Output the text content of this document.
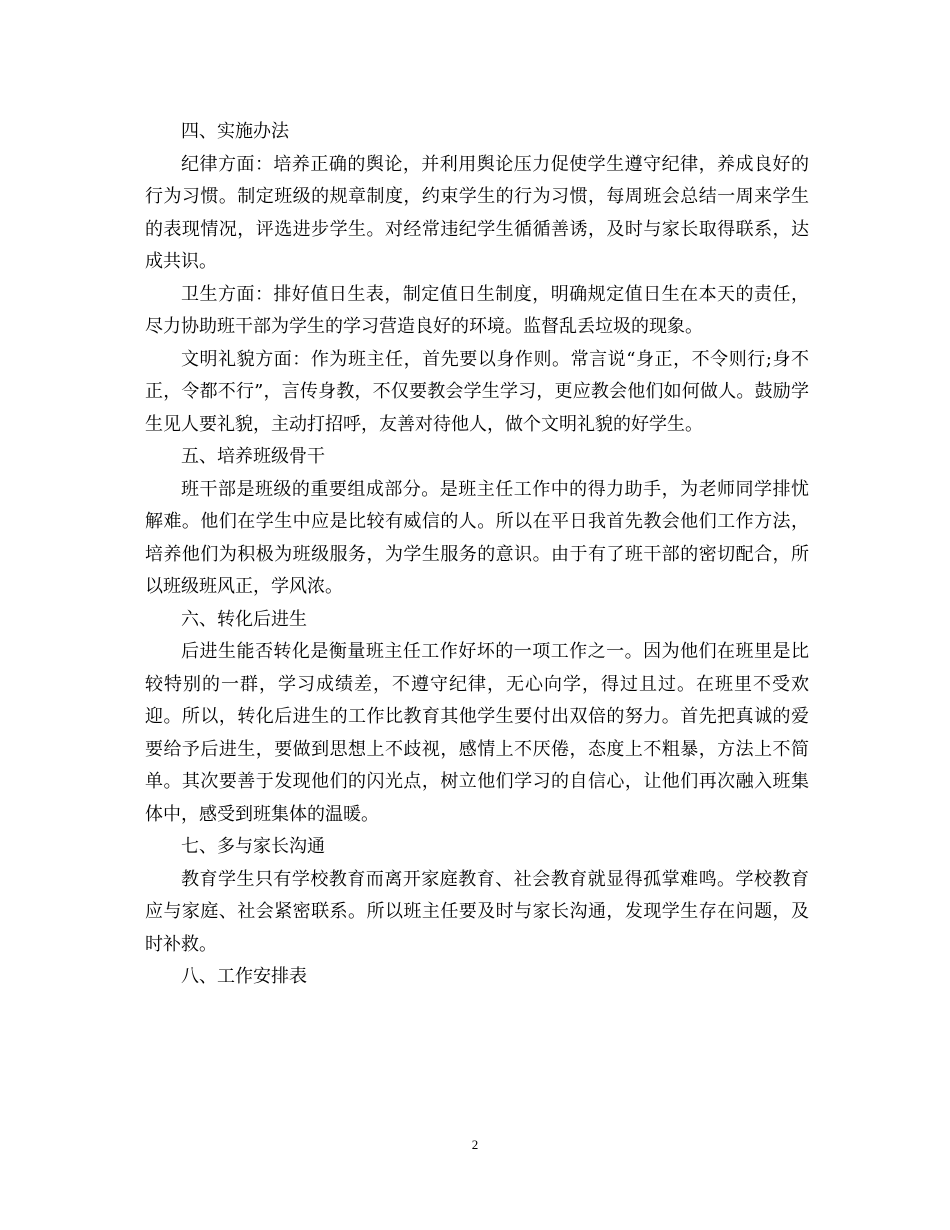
四、实施办法

纪律方面：培养正确的舆论，并利用舆论压力促使学生遵守纪律，养成良好的行为习惯。制定班级的规章制度，约束学生的行为习惯，每周班会总结一周来学生的表现情况，评选进步学生。对经常违纪学生循循善诱，及时与家长取得联系，达成共识。

卫生方面：排好值日生表，制定值日生制度，明确规定值日生在本天的责任，尽力协助班干部为学生的学习营造良好的环境。监督乱丢垃圾的现象。

文明礼貌方面：作为班主任，首先要以身作则。常言说“身正，不令则行;身不正，令都不行”，言传身教，不仅要教会学生学习，更应教会他们如何做人。鼓励学生见人要礼貌，主动打招呼，友善对待他人，做个文明礼貌的好学生。

五、培养班级骨干

班干部是班级的重要组成部分。是班主任工作中的得力助手，为老师同学排忧解难。他们在学生中应是比较有威信的人。所以在平日我首先教会他们工作方法，培养他们为积极为班级服务，为学生服务的意识。由于有了班干部的密切配合，所以班级班风正，学风浓。

六、转化后进生

后进生能否转化是衡量班主任工作好坏的一项工作之一。因为他们在班里是比较特别的一群，学习成绩差，不遵守纪律，无心向学，得过且过。在班里不受欢迎。所以，转化后进生的工作比教育其他学生要付出双倍的努力。首先把真诚的爱要给予后进生，要做到思想上不歧视，感情上不厌倦，态度上不粗暴，方法上不简单。其次要善于发现他们的闪光点，树立他们学习的自信心，让他们再次融入班集体中，感受到班集体的温暖。

七、多与家长沟通

教育学生只有学校教育而离开家庭教育、社会教育就显得孤掌难鸣。学校教育应与家庭、社会紧密联系。所以班主任要及时与家长沟通，发现学生存在问题，及时补救。

八、工作安排表

2
